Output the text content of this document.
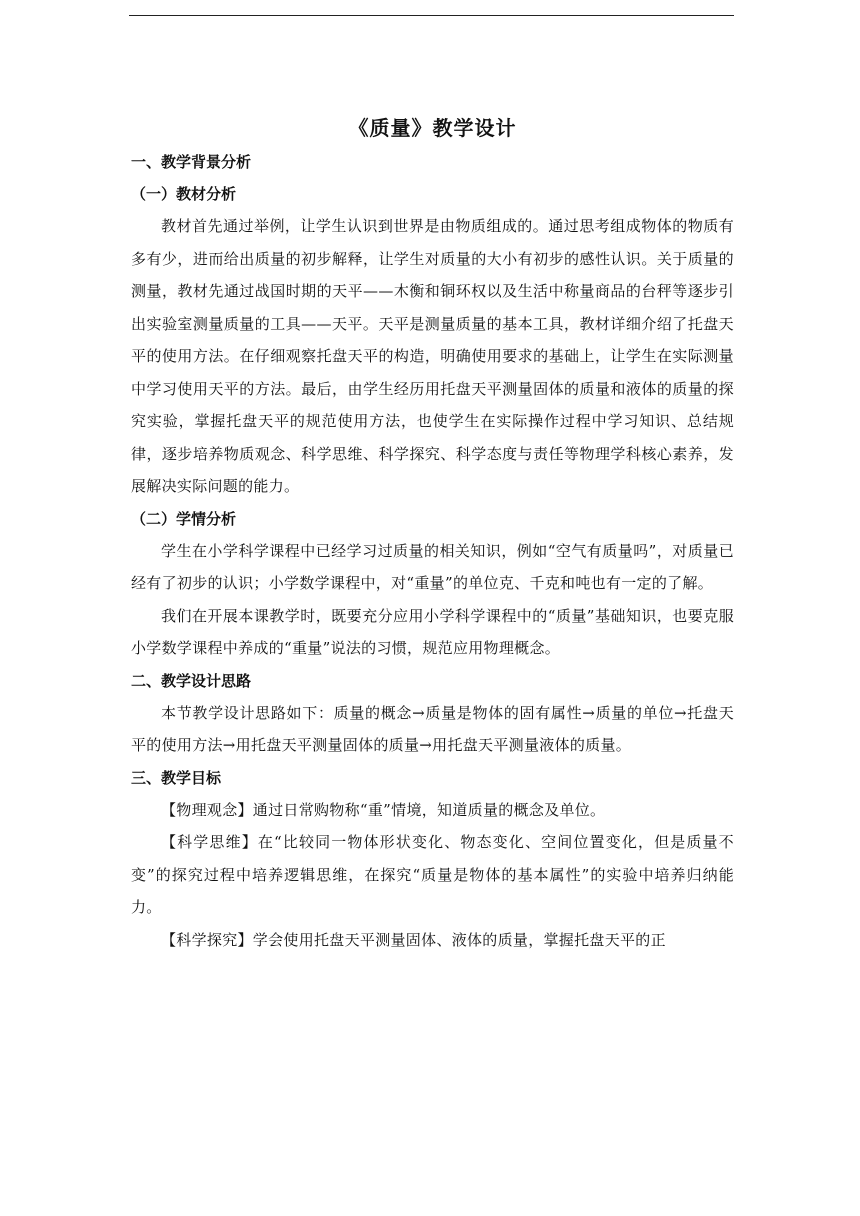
《质量》教学设计
一、教学背景分析
（一）教材分析

教材首先通过举例，让学生认识到世界是由物质组成的。通过思考组成物体的物质有多有少，进而给出质量的初步解释，让学生对质量的大小有初步的感性认识。关于质量的测量，教材先通过战国时期的天平——木衡和铜环权以及生活中称量商品的台秤等逐步引出实验室测量质量的工具——天平。天平是测量质量的基本工具，教材详细介绍了托盘天平的使用方法。在仔细观察托盘天平的构造，明确使用要求的基础上，让学生在实际测量中学习使用天平的方法。最后，由学生经历用托盘天平测量固体的质量和液体的质量的探究实验，掌握托盘天平的规范使用方法，也使学生在实际操作过程中学习知识、总结规律，逐步培养物质观念、科学思维、科学探究、科学态度与责任等物理学科核心素养，发展解决实际问题的能力。

（二）学情分析

学生在小学科学课程中已经学习过质量的相关知识，例如“空气有质量吗”，对质量已经有了初步的认识；小学数学课程中，对“重量”的单位克、千克和吨也有一定的了解。

我们在开展本课教学时，既要充分应用小学科学课程中的“质量”基础知识，也要克服小学数学课程中养成的“重量”说法的习惯，规范应用物理概念。

二、教学设计思路

本节教学设计思路如下：质量的概念→质量是物体的固有属性→质量的单位→托盘天平的使用方法→用托盘天平测量固体的质量→用托盘天平测量液体的质量。

三、教学目标

【物理观念】通过日常购物称“重”情境，知道质量的概念及单位。

【科学思维】在“比较同一物体形状变化、物态变化、空间位置变化，但是质量不变”的探究过程中培养逻辑思维，在探究“质量是物体的基本属性”的实验中培养归纳能力。

【科学探究】学会使用托盘天平测量固体、液体的质量，掌握托盘天平的正
